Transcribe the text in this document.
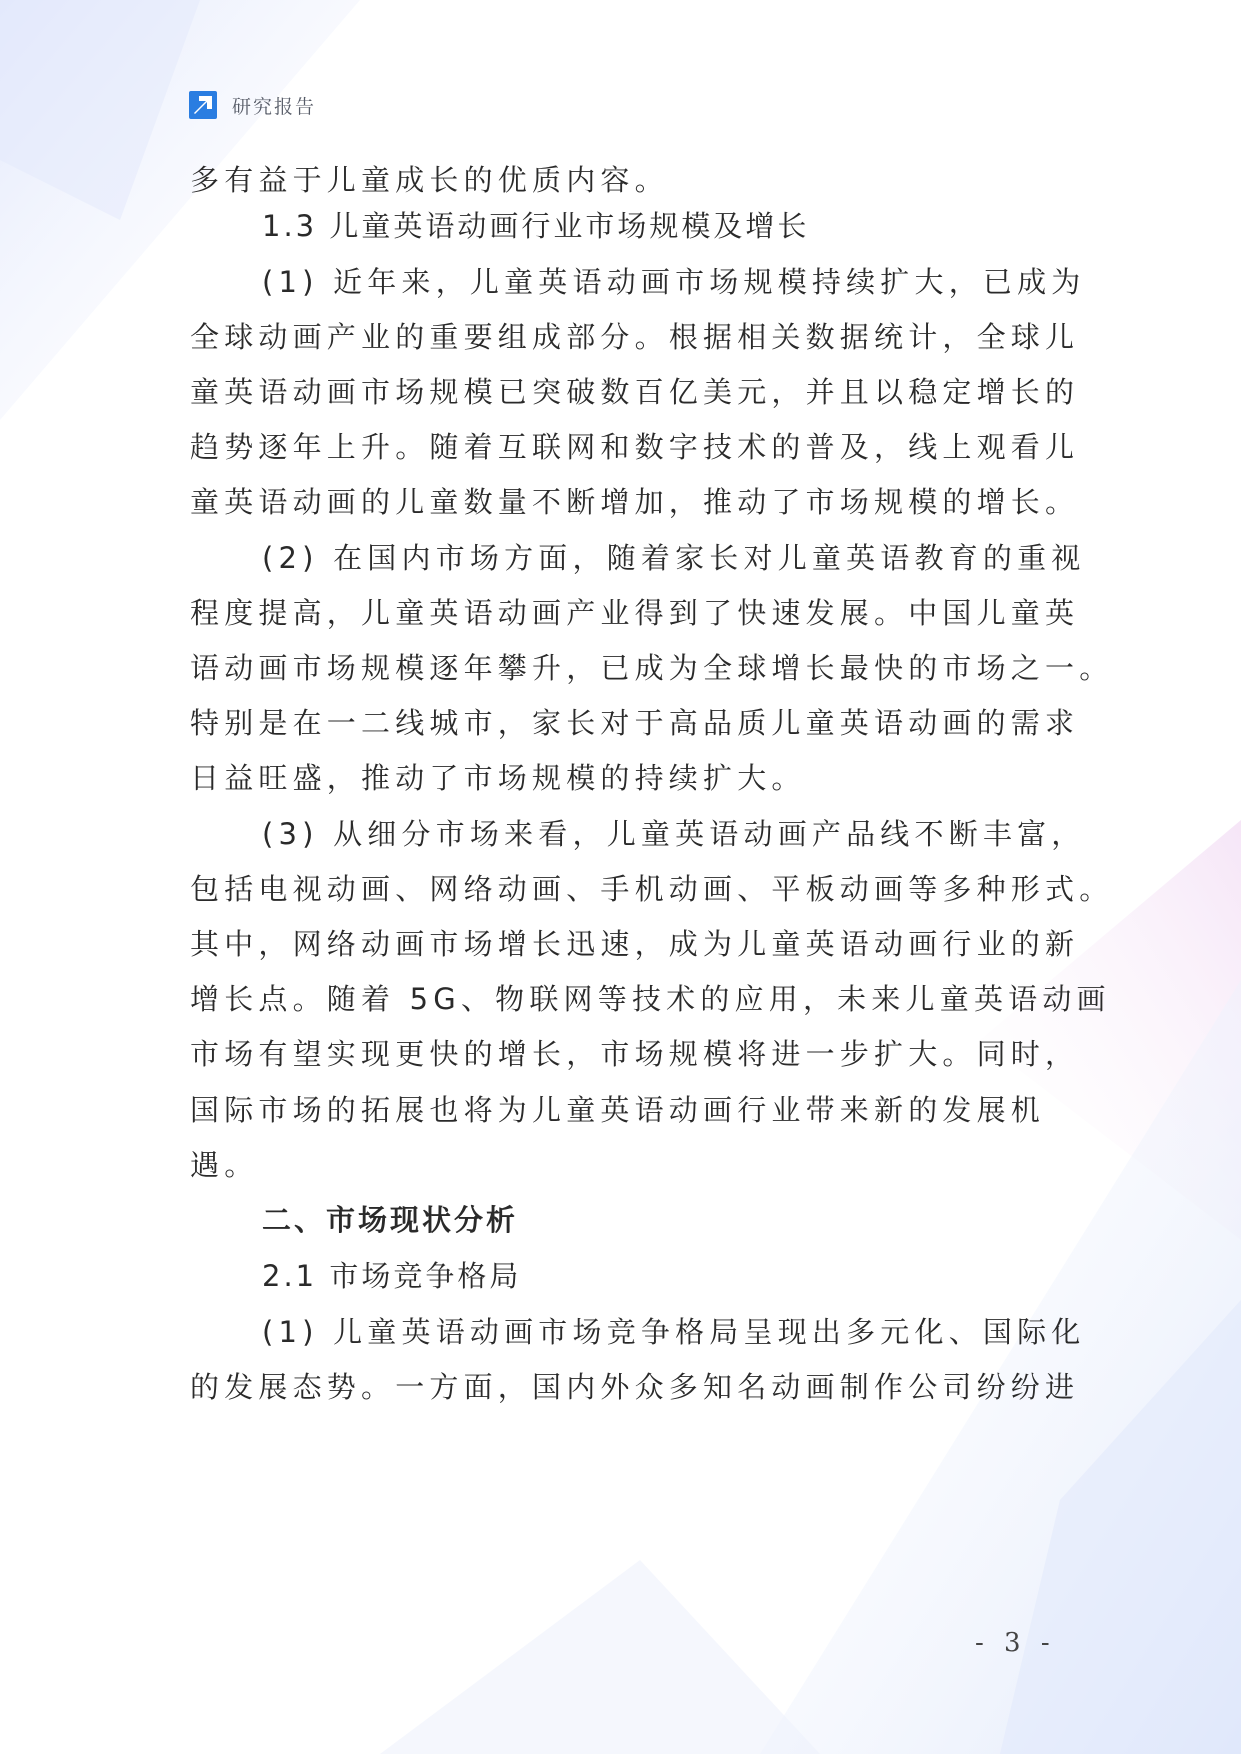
研究报告
多有益于儿童成长的优质内容。
1.3 儿童英语动画行业市场规模及增长
(1) 近年来，儿童英语动画市场规模持续扩大，已成为
全球动画产业的重要组成部分。根据相关数据统计，全球儿
童英语动画市场规模已突破数百亿美元，并且以稳定增长的
趋势逐年上升。随着互联网和数字技术的普及，线上观看儿
童英语动画的儿童数量不断增加，推动了市场规模的增长。
(2) 在国内市场方面，随着家长对儿童英语教育的重视
程度提高，儿童英语动画产业得到了快速发展。中国儿童英
语动画市场规模逐年攀升，已成为全球增长最快的市场之一。
特别是在一二线城市，家长对于高品质儿童英语动画的需求
日益旺盛，推动了市场规模的持续扩大。
(3) 从细分市场来看，儿童英语动画产品线不断丰富，
包括电视动画、网络动画、手机动画、平板动画等多种形式。
其中，网络动画市场增长迅速，成为儿童英语动画行业的新
增长点。随着 5G、物联网等技术的应用，未来儿童英语动画
市场有望实现更快的增长，市场规模将进一步扩大。同时，
国际市场的拓展也将为儿童英语动画行业带来新的发展机
遇。
二、市场现状分析
2.1 市场竞争格局
(1) 儿童英语动画市场竞争格局呈现出多元化、国际化
的发展态势。一方面，国内外众多知名动画制作公司纷纷进
- 3 -
